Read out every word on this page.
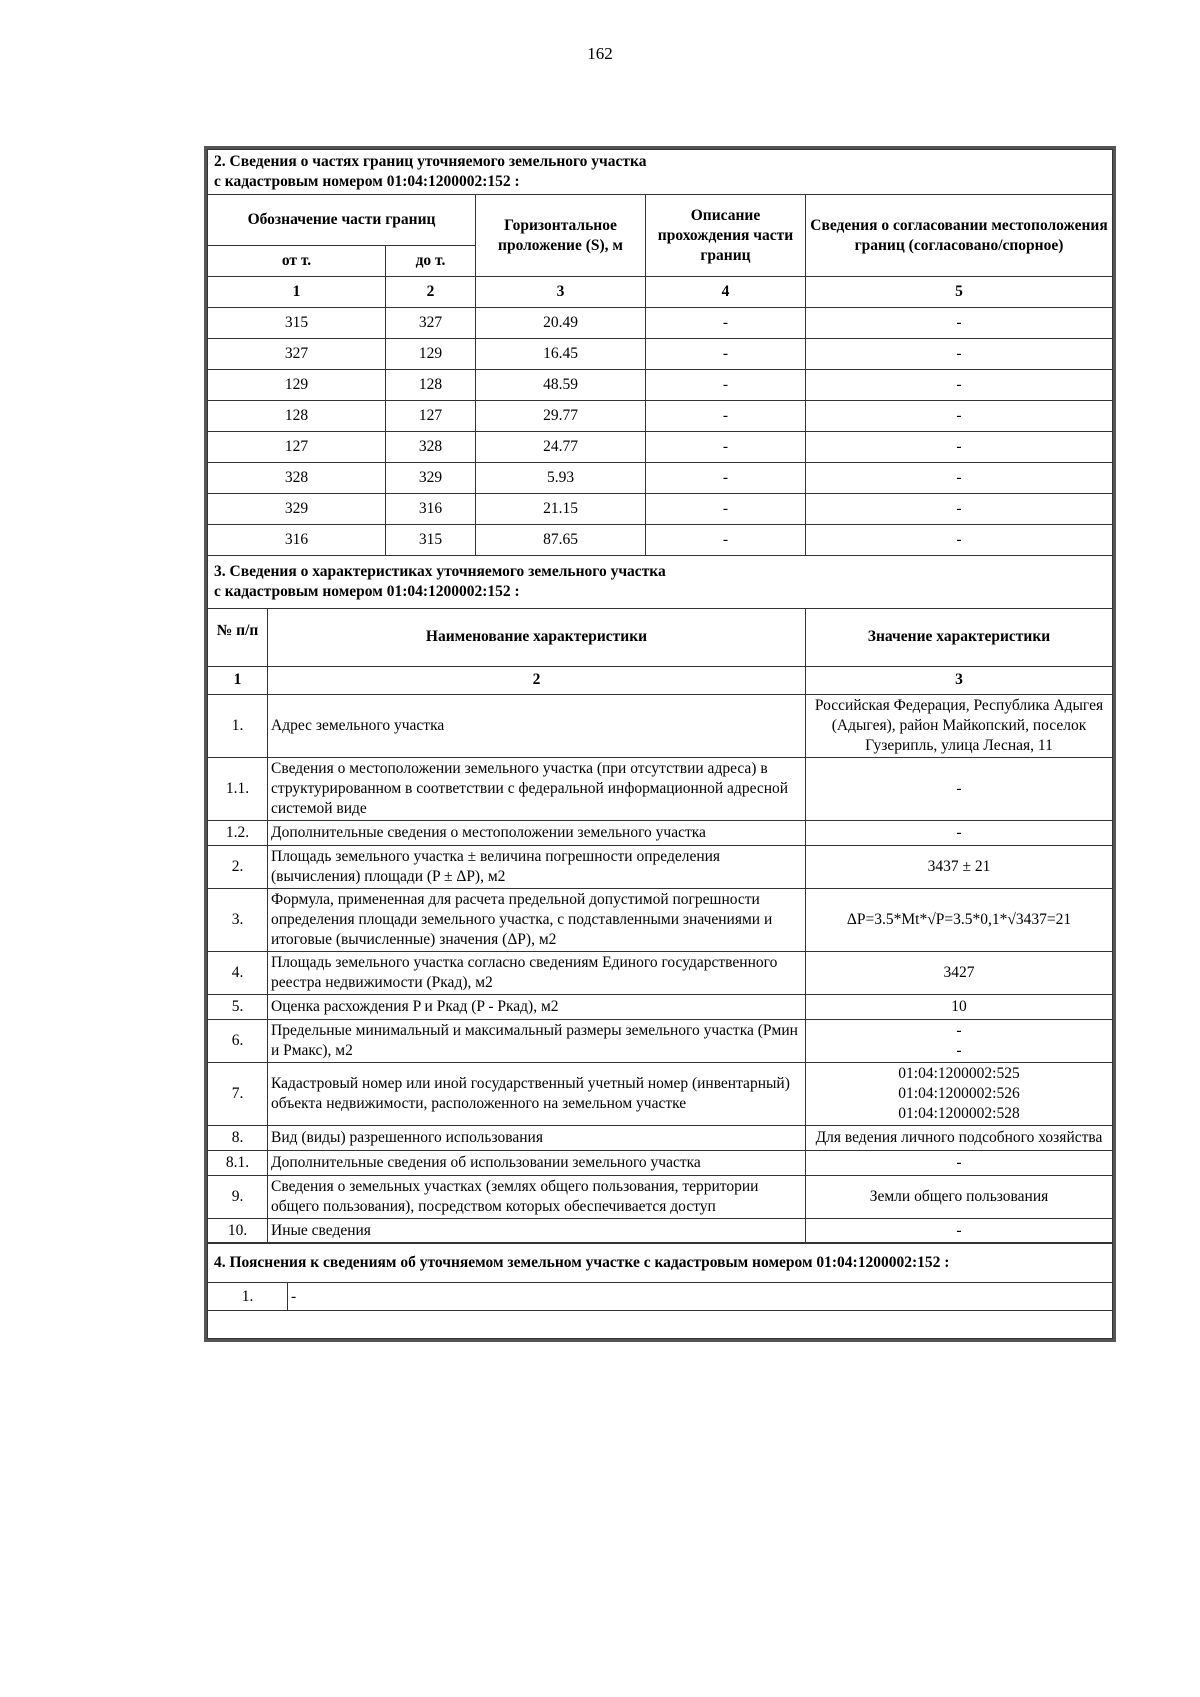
162
2. Сведения о частях границ уточняемого земельного участка
с кадастровым номером 01:04:1200002:152 :				

Обозначение части границ		Горизонтальное проложение (S), м	Описание прохождения части границ	Сведения о согласовании местоположения границ (согласовано/спорное)
от т.	до т.			
1	2	3	4	5
315	327	20.49	-	-
327	129	16.45	-	-
129	128	48.59	-	-
128	127	29.77	-	-
127	328	24.77	-	-
328	329	5.93	-	-
329	316	21.15	-	-
316	315	87.65	-	-
3. Сведения о характеристиках уточняемого земельного участка
с кадастровым номером 01:04:1200002:152 :		

№ п/п	Наименование характеристики	Значение характеристики
1	2	3
1.	Адрес земельного участка	Российская Федерация, Республика Адыгея (Адыгея), район Майкопский, поселок Гузерипль, улица Лесная, 11
1.1.	Сведения о местоположении земельного участка (при отсутствии адреса) в структурированном в соответствии с федеральной информационной адресной системой виде	-
1.2.	Дополнительные сведения о местоположении земельного участка	-
2.	Площадь земельного участка ± величина погрешности определения (вычисления) площади (P ± ΔP), м2	3437 ± 21
3.	Формула, примененная для расчета предельной допустимой погрешности определения площади земельного участка, с подставленными значениями и итоговые (вычисленные) значения (ΔP), м2	ΔP=3.5*Mt*√P=3.5*0,1*√3437=21
4.	Площадь земельного участка согласно сведениям Единого государственного реестра недвижимости (Pкад), м2	3427
5.	Оценка расхождения P и Pкад (P - Pкад), м2	10
6.	Предельные минимальный и максимальный размеры земельного участка (Pмин и Pмакс), м2	-
-
7.	Кадастровый номер или иной государственный учетный номер (инвентарный) объекта недвижимости, расположенного на земельном участке	01:04:1200002:525
01:04:1200002:526
01:04:1200002:528
8.	Вид (виды) разрешенного использования	Для ведения личного подсобного хозяйства
8.1.	Дополнительные сведения об использовании земельного участка	-
9.	Сведения о земельных участках (землях общего пользования, территории общего пользования), посредством которых обеспечивается доступ	Земли общего пользования
10.	Иные сведения	-
4. Пояснения к сведениям об уточняемом земельном участке с кадастровым номером 01:04:1200002:152 :
1.	-
